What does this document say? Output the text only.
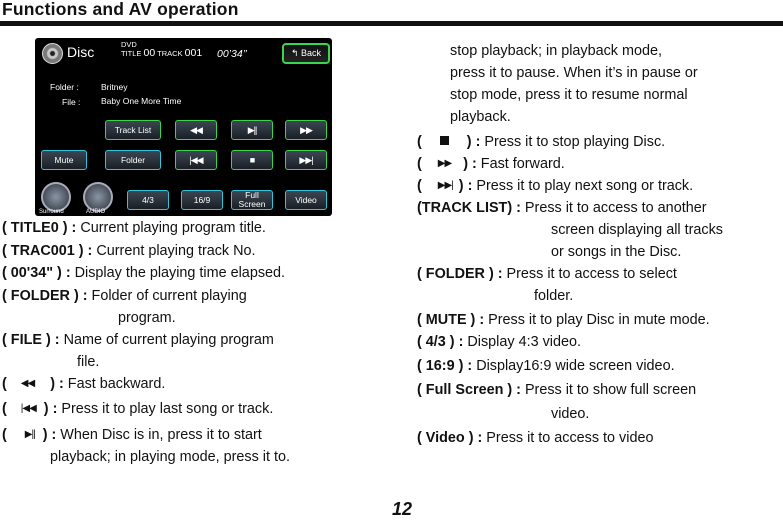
Functions and AV operation
Disc	DVD
TITLE 00 TRACK 001 00’34’’	↰ Back
Folder :
File :
Britney
Baby One More Time
Track List	◀◀	▶||	▶▶
Mute	Folder	|◀◀	■	▶▶|
Surround	AUDIO
4/3	16/9	Full
Screen	Video
( TITLE0 ) : Current playing program title.
( TRAC001 ) : Current playing track No.
( 00'34" ) : Display the playing time elapsed.
( FOLDER ) : Folder of current playing
program.
( FILE ) : Name of current playing program
file.
( ◀◀ ) : Fast backward.
( |◀◀ ) : Press it to play last song or track.
( ▶|| ) : When Disc is in, press it to start
playback; in playing mode, press it to.
stop playback; in playback mode,
press it to pause. When it’s in pause or
stop mode, press it to resume normal
playback.
(	) : Press it to stop playing Disc.
( ▶▶ ) : Fast forward.
( ▶▶| ) : Press it to play next song or track.
(TRACK LIST) : Press it to access to another
screen displaying all tracks
or songs in the Disc.
( FOLDER ) : Press it to access to select
folder.
( MUTE ) : Press it to play Disc in mute mode.
( 4/3 ) : Display 4:3 video.
( 16:9 ) : Display16:9 wide screen video.
( Full Screen ) : Press it to show full screen
video.
( Video ) : Press it to access to video
12
